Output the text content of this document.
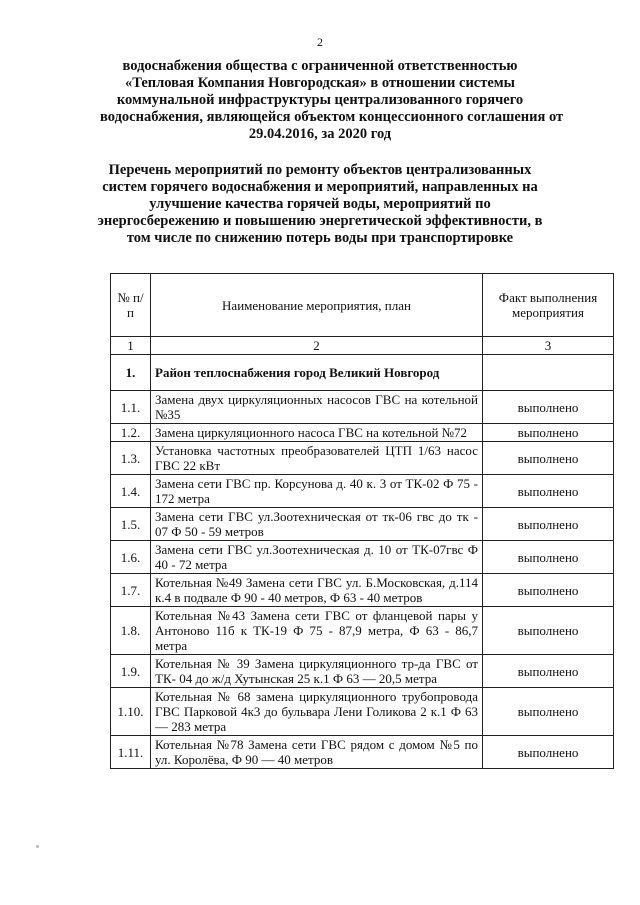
2
водоснабжения общества с ограниченной ответственностью
«Тепловая Компания Новгородская» в отношении системы
коммунальной инфраструктуры централизованного горячего
водоснабжения, являющейся объектом концессионного соглашения от
29.04.2016, за 2020 год
Перечень мероприятий по ремонту объектов централизованных систем горячего водоснабжения и мероприятий, направленных на улучшение качества горячей воды, мероприятий по энергосбережению и повышению энергетической эффективности, в том числе по снижению потерь воды при транспортировке
№ п/п	Наименование мероприятия, план	Факт выполнения мероприятия
1	2	3
1.	Район теплоснабжения город Великий Новгород	
1.1.	Замена двух циркуляционных насосов ГВС на котельной №35	выполнено
1.2.	Замена циркуляционного насоса ГВС на котельной №72	выполнено
1.3.	Установка частотных преобразователей ЦТП 1/63 насос ГВС 22 кВт	выполнено
1.4.	Замена сети ГВС пр. Корсунова д. 40 к. 3 от ТК-02 Ф 75 - 172 метра	выполнено
1.5.	Замена сети ГВС ул.Зоотехническая от тк-06 гвс до тк - 07 Ф 50 - 59 метров	выполнено
1.6.	Замена сети ГВС ул.Зоотехническая д. 10 от ТК-07гвс Ф 40 - 72 метра	выполнено
1.7.	Котельная №49 Замена сети ГВС ул. Б.Московская, д.114 к.4 в подвале Ф 90 - 40 метров, Ф 63 - 40 метров	выполнено
1.8.	Котельная №43 Замена сети ГВС от фланцевой пары у Антоново 11б к ТК-19 Ф 75 - 87,9 метра, Ф 63 - 86,7 метра	выполнено
1.9.	Котельная № 39 Замена циркуляционного тр-да ГВС от ТК- 04 до ж/д Хутынская 25 к.1 Ф 63 — 20,5 метра	выполнено
1.10.	Котельная № 68 замена циркуляционного трубопровода ГВС Парковой 4к3 до бульвара Лени Голикова 2 к.1 Ф 63 — 283 метра	выполнено
1.11.	Котельная №78 Замена сети ГВС рядом с домом №5 по ул. Королёва, Ф 90 — 40 метров	выполнено
